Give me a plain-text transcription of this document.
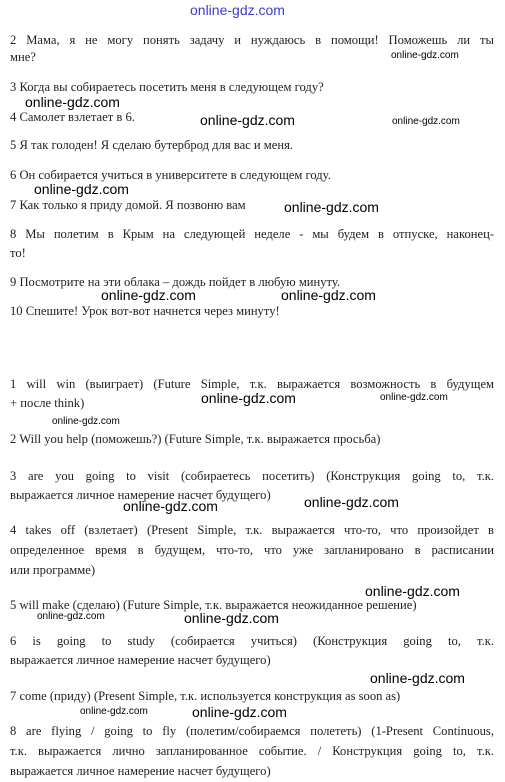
online-gdz.com
2 Мама, я не могу понять задачу и нуждаюсь в помощи! Поможешь ли ты
мне?
3 Когда вы собираетесь посетить меня в следующем году?
4 Самолет взлетает в 6.
5 Я так голоден! Я сделаю бутерброд для вас и меня.
6 Он собирается учиться в университете в следующем году.
7 Как только я приду домой. Я позвоню вам
8 Мы полетим в Крым на следующей неделе - мы будем в отпуске, наконец-
то!
9 Посмотрите на эти облака – дождь пойдет в любую минуту.
10 Спешите! Урок вот-вот начнется через минуту!
1 will win (выиграет) (Future Simple, т.к. выражается возможность в будущем
+ после think)
2 Will you help (поможешь?) (Future Simple, т.к. выражается просьба)
3 are you going to visit (собираетесь посетить) (Конструкция going to, т.к.
выражается личное намерение насчет будущего)
4 takes off (взлетает) (Present Simple, т.к. выражается что-то, что произойдет в
определенное время в будущем, что-то, что уже запланировано в расписании
или программе)
5 will make (сделаю) (Future Simple, т.к. выражается неожиданное решение)
6 is going to study (собирается учиться) (Конструкция going to, т.к.
выражается личное намерение насчет будущего)
7 come (приду) (Present Simple, т.к. используется конструкция as soon as)
8 are flying / going to fly (полетим/собираемся полететь) (1-Present Continuous,
т.к. выражается лично запланированное событие. / Конструкция going to, т.к.
выражается личное намерение насчет будущего)
online-gdz.com
online-gdz.com
online-gdz.com	online-gdz.com
online-gdz.com
online-gdz.com
online-gdz.com	online-gdz.com
online-gdz.com	online-gdz.com
online-gdz.com
online-gdz.com
online-gdz.com
online-gdz.com
online-gdz.com
online-gdz.com
online-gdz.com
online-gdz.com	online-gdz.com
